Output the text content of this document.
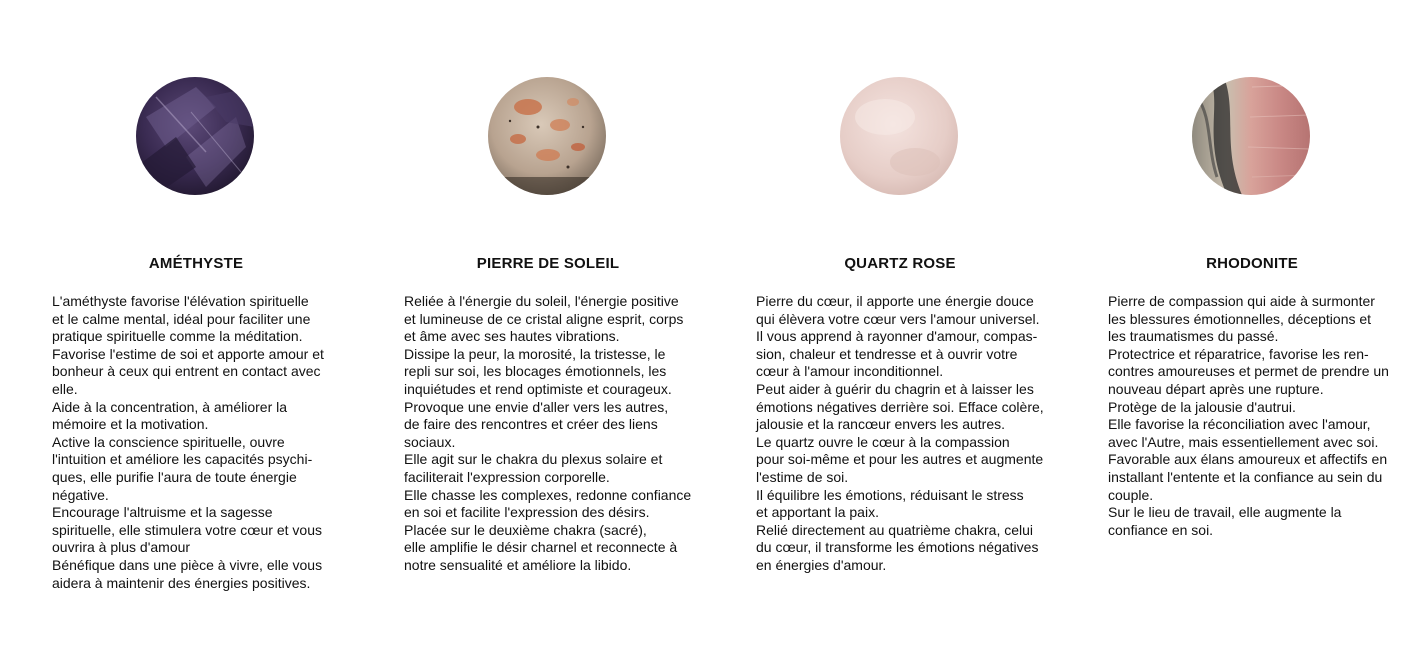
AMÉTHYSTE
L'améthyste favorise l'élévation spirituelle
et le calme mental, idéal pour faciliter une
pratique spirituelle comme la méditation.
Favorise l'estime de soi et apporte amour et
bonheur à ceux qui entrent en contact avec
elle.
Aide à la concentration, à améliorer la
mémoire et la motivation.
Active la conscience spirituelle, ouvre
l'intuition et améliore les capacités psychi-
ques, elle purifie l'aura de toute énergie
négative.
Encourage l'altruisme et la sagesse
spirituelle, elle stimulera votre cœur et vous
ouvrira à plus d'amour
Bénéfique dans une pièce à vivre, elle vous
aidera à maintenir des énergies positives.
PIERRE DE SOLEIL
Reliée à l'énergie du soleil, l'énergie positive
et lumineuse de ce cristal aligne esprit, corps
et âme avec ses hautes vibrations.
Dissipe la peur, la morosité, la tristesse, le
repli sur soi, les blocages émotionnels, les
inquiétudes et rend optimiste et courageux.
Provoque une envie d'aller vers les autres,
de faire des rencontres et créer des liens
sociaux.
Elle agit sur le chakra du plexus solaire et
faciliterait l'expression corporelle.
Elle chasse les complexes, redonne confiance
en soi et facilite l'expression des désirs.
Placée sur le deuxième chakra (sacré),
elle amplifie le désir charnel et reconnecte à
notre sensualité et améliore la libido.
QUARTZ ROSE
Pierre du cœur, il apporte une énergie douce
qui élèvera votre cœur vers l'amour universel.
Il vous apprend à rayonner d'amour, compas-
sion, chaleur et tendresse et à ouvrir votre
cœur à l'amour inconditionnel.
Peut aider à guérir du chagrin et à laisser les
émotions négatives derrière soi. Efface colère,
jalousie et la rancœur envers les autres.
Le quartz ouvre le cœur à la compassion
pour soi-même et pour les autres et augmente
l'estime de soi.
Il équilibre les émotions, réduisant le stress
et apportant la paix.
Relié directement au quatrième chakra, celui
du cœur, il transforme les émotions négatives
en énergies d'amour.
RHODONITE
Pierre de compassion qui aide à surmonter
les blessures émotionnelles, déceptions et
les traumatismes du passé.
Protectrice et réparatrice, favorise les ren-
contres amoureuses et permet de prendre un
nouveau départ après une rupture.
Protège de la jalousie d'autrui.
Elle favorise la réconciliation avec l'amour,
avec l'Autre, mais essentiellement avec soi.
Favorable aux élans amoureux et affectifs en
installant l'entente et la confiance au sein du
couple.
Sur le lieu de travail, elle augmente la
confiance en soi.
